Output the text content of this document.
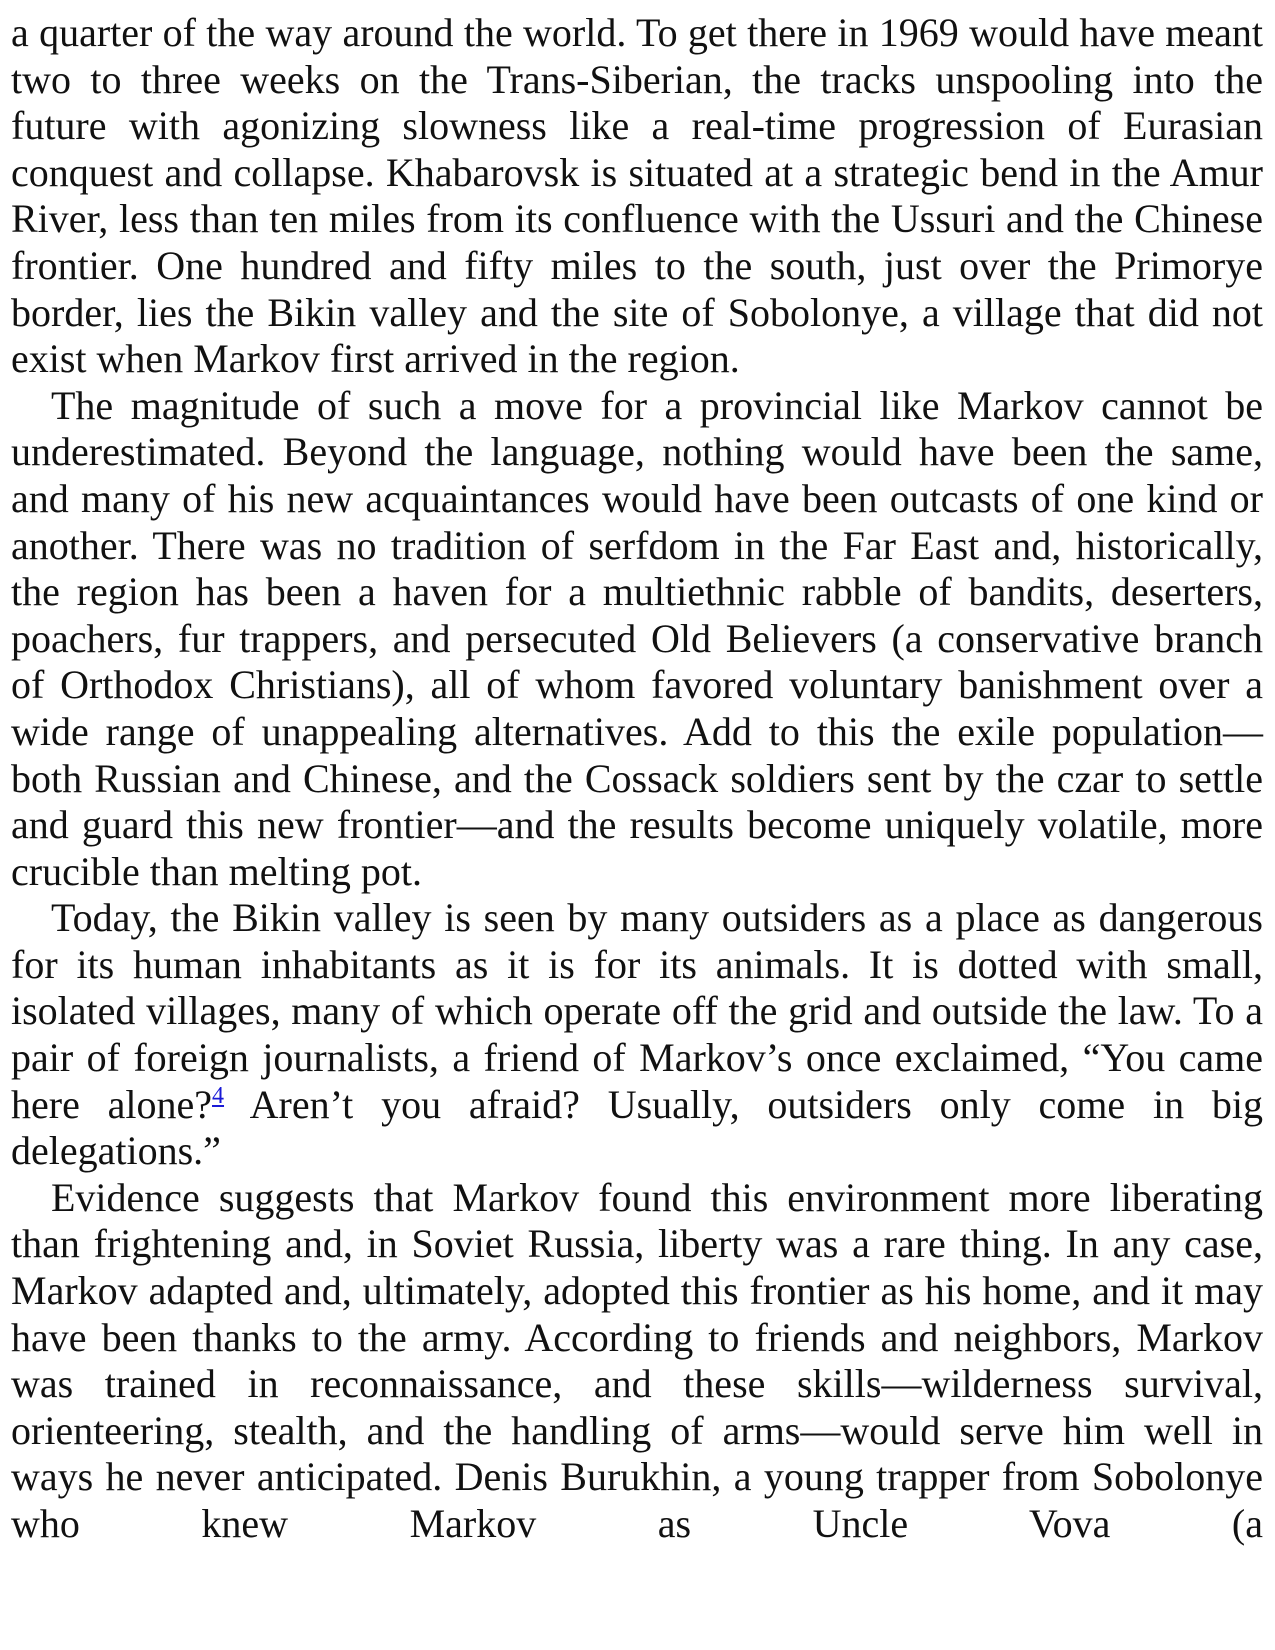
a quarter of the way around the world. To get there in 1969 would have meant two to three weeks on the Trans-Siberian, the tracks unspooling into the future with agonizing slowness like a real-time progression of Eurasian conquest and collapse. Khabarovsk is situated at a strategic bend in the Amur River, less than ten miles from its confluence with the Ussuri and the Chinese frontier. One hundred and fifty miles to the south, just over the Primorye border, lies the Bikin valley and the site of Sobolonye, a village that did not exist when Markov first arrived in the region.

The magnitude of such a move for a provincial like Markov cannot be underestimated. Beyond the language, nothing would have been the same, and many of his new acquaintances would have been outcasts of one kind or another. There was no tradition of serfdom in the Far East and, historically, the region has been a haven for a multiethnic rabble of bandits, deserters, poachers, fur trappers, and persecuted Old Believers (a conservative branch of Orthodox Christians), all of whom favored voluntary banishment over a wide range of unappealing alternatives. Add to this the exile population—both Russian and Chinese, and the Cossack soldiers sent by the czar to settle and guard this new frontier—and the results become uniquely volatile, more crucible than melting pot.

Today, the Bikin valley is seen by many outsiders as a place as dangerous for its human inhabitants as it is for its animals. It is dotted with small, isolated villages, many of which operate off the grid and outside the law. To a pair of foreign journalists, a friend of Markov’s once exclaimed, “You came here alone?$^4$ Aren’t you afraid? Usually, outsiders only come in big delegations.”

Evidence suggests that Markov found this environment more liberating than frightening and, in Soviet Russia, liberty was a rare thing. In any case, Markov adapted and, ultimately, adopted this frontier as his home, and it may have been thanks to the army. According to friends and neighbors, Markov was trained in reconnaissance, and these skills—wilderness survival, orienteering, stealth, and the handling of arms—would serve him well in ways he never anticipated. Denis Burukhin, a young trapper from Sobolonye who knew Markov as Uncle Vova (a
